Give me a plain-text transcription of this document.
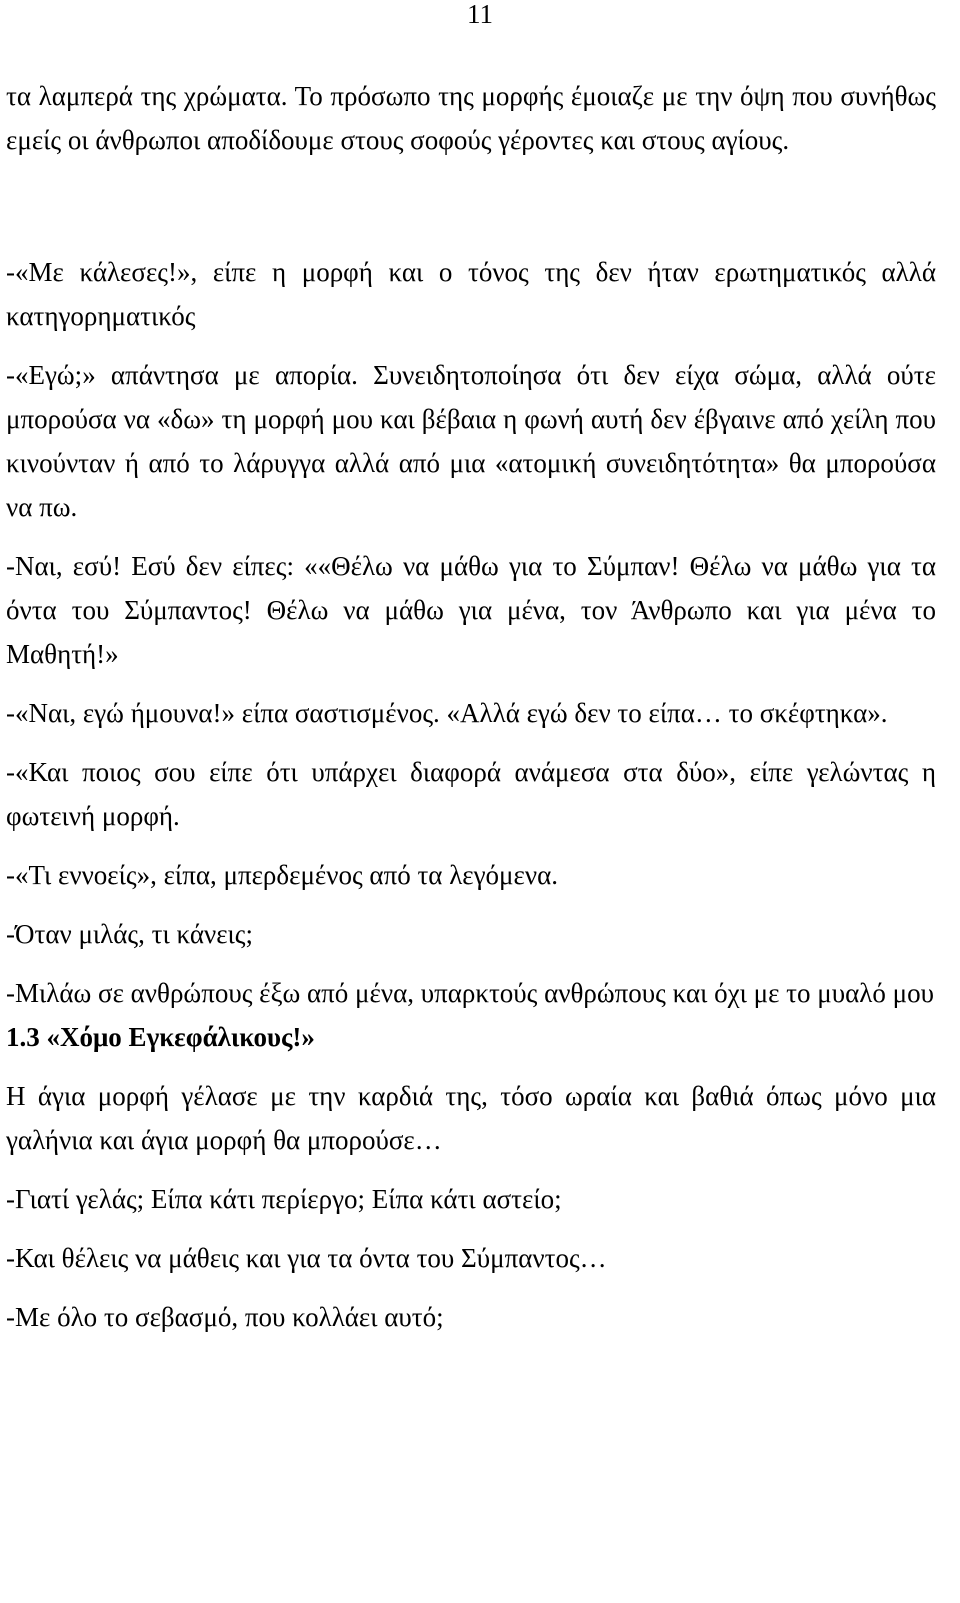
11

τα λαμπερά της χρώματα. Το πρόσωπο της μορφής έμοιαζε με την όψη που συνήθως εμείς οι άνθρωποι αποδίδουμε στους σοφούς γέροντες και στους αγίους.

-«Με κάλεσες!», είπε η μορφή και ο τόνος της δεν ήταν ερωτηματικός αλλά κατηγορηματικός

-«Εγώ;» απάντησα με απορία. Συνειδητοποίησα ότι δεν είχα σώμα, αλλά ούτε μπορούσα να «δω» τη μορφή μου και βέβαια η φωνή αυτή δεν έβγαινε από χείλη που κινούνταν ή από το λάρυγγα αλλά από μια «ατομική συνειδητότητα» θα μπορούσα να πω.

-Ναι, εσύ! Εσύ δεν είπες: ««Θέλω να μάθω για το Σύμπαν! Θέλω να μάθω για τα όντα του Σύμπαντος! Θέλω να μάθω για μένα, τον Άνθρωπο και για μένα το Μαθητή!»

-«Ναι, εγώ ήμουνα!» είπα σαστισμένος. «Αλλά εγώ δεν το είπα… το σκέφτηκα».

-«Και ποιος σου είπε ότι υπάρχει διαφορά ανάμεσα στα δύο», είπε γελώντας η φωτεινή μορφή.

-«Τι εννοείς», είπα, μπερδεμένος από τα λεγόμενα.

-Όταν μιλάς, τι κάνεις;

-Μιλάω σε ανθρώπους έξω από μένα, υπαρκτούς ανθρώπους και όχι με το μυαλό μου

1.3 «Χόμο Εγκεφάλικους!»

Η άγια μορφή γέλασε με την καρδιά της, τόσο ωραία και βαθιά όπως μόνο μια γαλήνια και άγια μορφή θα μπορούσε…

-Γιατί γελάς; Είπα κάτι περίεργο; Είπα κάτι αστείο;

-Και θέλεις να μάθεις και για τα όντα του Σύμπαντος…

-Με όλο το σεβασμό, που κολλάει αυτό;
